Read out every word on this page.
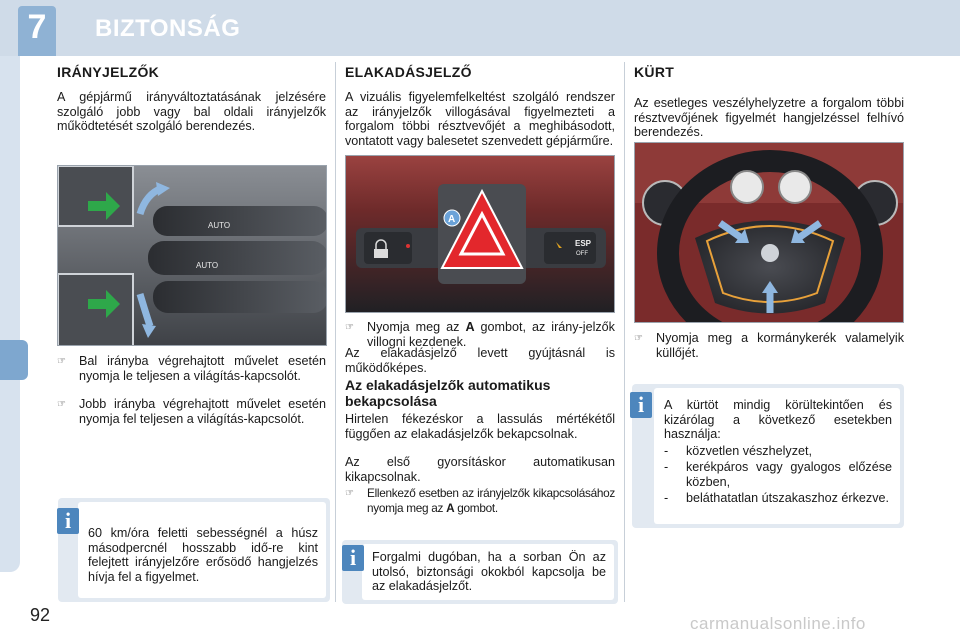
7	BIZTONSÁG
IRÁNYJELZŐK
A gépjármű irányváltoztatásának jelzésére szolgáló jobb vagy bal oldali irányjelzők működtetését szolgáló berendezés.
AUTO
AUTO
☞	Bal irányba végrehajtott művelet esetén nyomja le teljesen a világítás-kapcsolót.
☞	Jobb irányba végrehajtott művelet esetén nyomja fel teljesen a világítás-kapcsolót.
60 km/óra feletti sebességnél a húsz másodpercnél hosszabb idő-re kint felejtett irányjelzőre erősödő hangjelzés hívja fel a figyelmet.
i
ELAKADÁSJELZŐ
A vizuális figyelemfelkeltést szolgáló rendszer az irányjelzők villogásával figyelmezteti a forgalom többi résztvevőjét a meghibásodott, vontatott vagy balesetet szenvedett gépjárműre.
A
ESP
OFF
☞	Nyomja meg az A gombot, az irány-jelzők villogni kezdenek.
Az elakadásjelző levett gyújtásnál is működőképes.
Az elakadásjelzők automatikus bekapcsolása
Hirtelen fékezéskor a lassulás mértékétől függően az elakadásjelzők bekapcsolnak.
Az első gyorsításkor automatikusan kikapcsolnak.
☞	Ellenkező esetben az irányjelzők kikapcsolásához nyomja meg az A gombot.
Forgalmi dugóban, ha a sorban Ön az utolsó, biztonsági okokból kapcsolja be az elakadásjelzőt.
i
KÜRT
Az esetleges veszélyhelyzetre a forgalom többi résztvevőjének figyelmét hangjelzéssel felhívó berendezés.
☞	Nyomja meg a kormánykerék valamelyik küllőjét.
A kürtöt mindig körültekintően és kizárólag a következő esetekben használja:
-	közvetlen vészhelyzet,
-	kerékpáros vagy gyalogos előzése közben,
-	beláthatatlan útszakaszhoz érkezve.
i
92	carmanualsonline.info
